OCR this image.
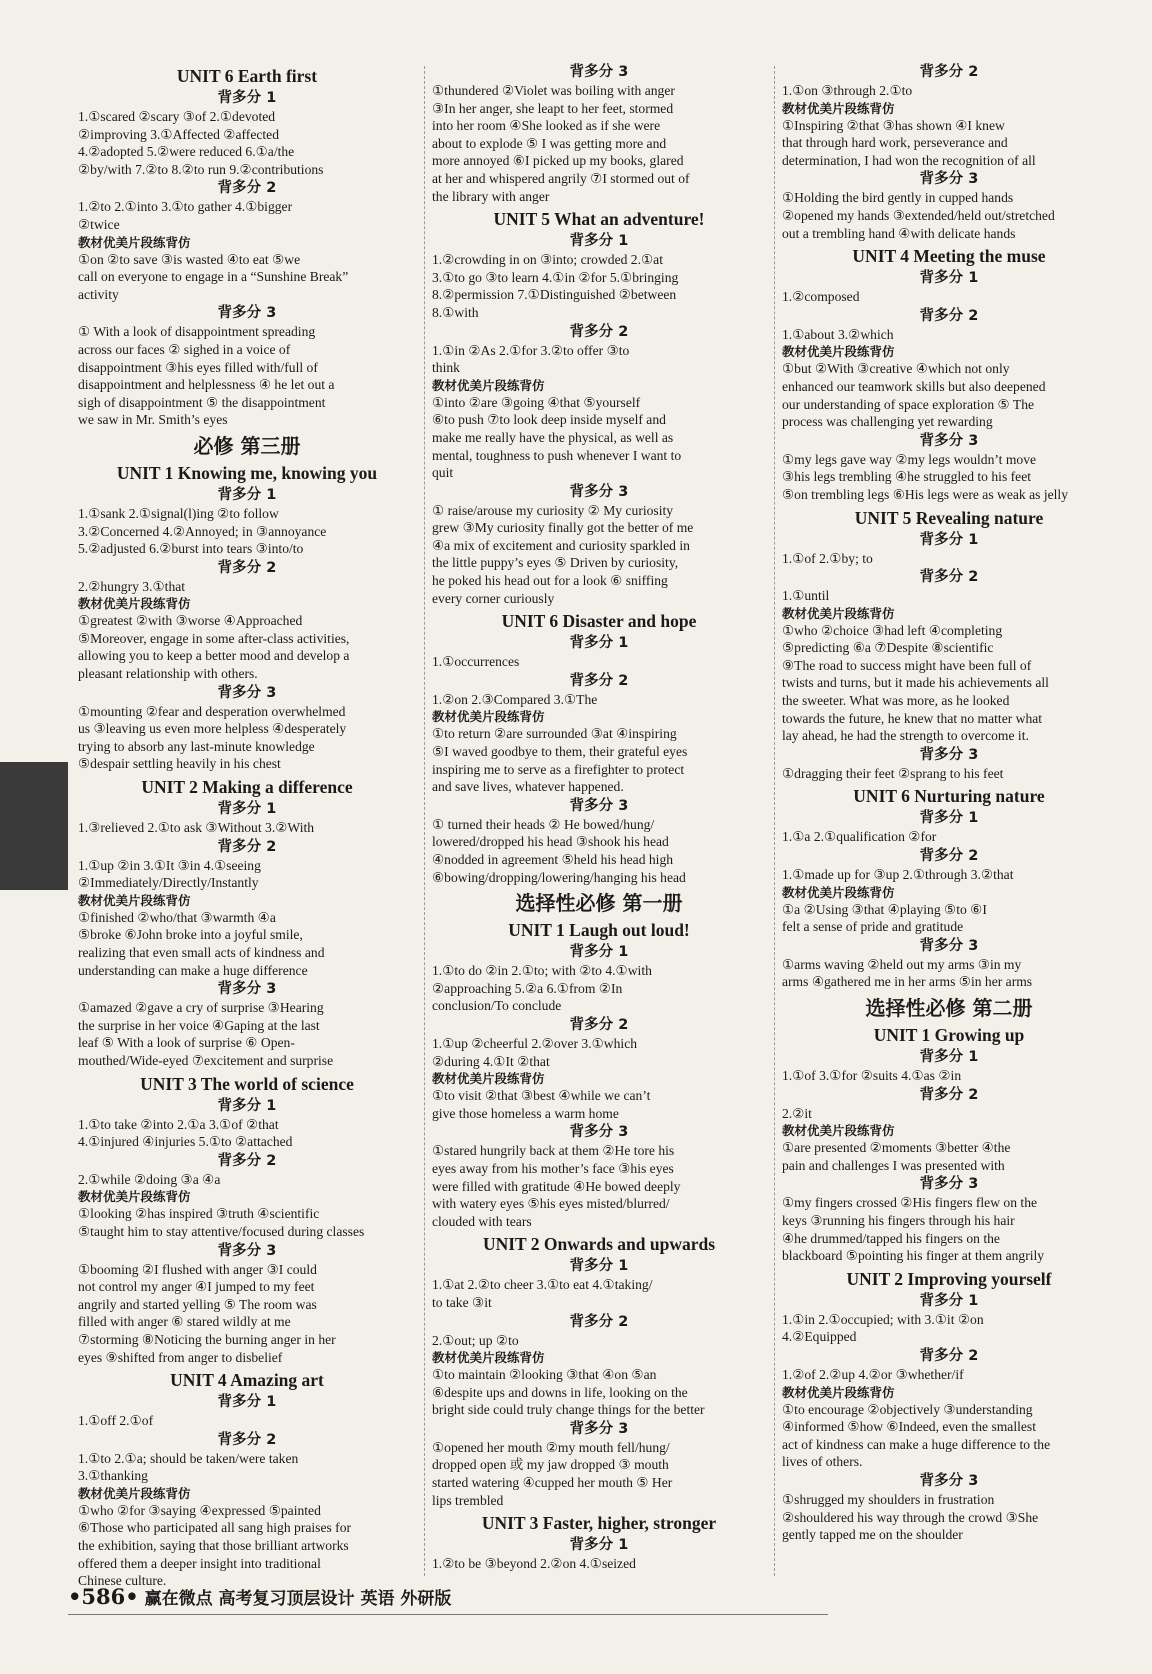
UNIT 6 Earth first
背多分 1
1.①scared ②scary ③of 2.①devoted
②improving 3.①Affected ②affected
4.②adopted 5.②were reduced 6.①a/the
②by/with 7.②to 8.②to run 9.②contributions
背多分 2
1.②to 2.①into 3.①to gather 4.①bigger
②twice
教材优美片段练背仿
①on ②to save ③is wasted ④to eat ⑤we
call on everyone to engage in a “Sunshine Break”
activity
背多分 3
① With a look of disappointment spreading
across our faces ② sighed in a voice of
disappointment ③his eyes filled with/full of
disappointment and helplessness ④ he let out a
sigh of disappointment ⑤ the disappointment
we saw in Mr. Smith’s eyes
必修 第三册
UNIT 1 Knowing me, knowing you
背多分 1
1.①sank 2.①signal(l)ing ②to follow
3.②Concerned 4.②Annoyed; in ③annoyance
5.②adjusted 6.②burst into tears ③into/to
背多分 2
2.②hungry 3.①that
教材优美片段练背仿
①greatest ②with ③worse ④Approached
⑤Moreover, engage in some after-class activities,
allowing you to keep a better mood and develop a
pleasant relationship with others.
背多分 3
①mounting ②fear and desperation overwhelmed
us ③leaving us even more helpless ④desperately
trying to absorb any last-minute knowledge
⑤despair settling heavily in his chest
UNIT 2 Making a difference
背多分 1
1.③relieved 2.①to ask ③Without 3.②With
背多分 2
1.①up ②in 3.①It ③in 4.①seeing
②Immediately/Directly/Instantly
教材优美片段练背仿
①finished ②who/that ③warmth ④a
⑤broke ⑥John broke into a joyful smile,
realizing that even small acts of kindness and
understanding can make a huge difference
背多分 3
①amazed ②gave a cry of surprise ③Hearing
the surprise in her voice ④Gaping at the last
leaf ⑤ With a look of surprise ⑥ Open-
mouthed/Wide-eyed ⑦excitement and surprise
UNIT 3 The world of science
背多分 1
1.①to take ②into 2.①a 3.①of ②that
4.①injured ④injuries 5.①to ②attached
背多分 2
2.①while ②doing ③a ④a
教材优美片段练背仿
①looking ②has inspired ③truth ④scientific
⑤taught him to stay attentive/focused during classes
背多分 3
①booming ②I flushed with anger ③I could
not control my anger ④I jumped to my feet
angrily and started yelling ⑤ The room was
filled with anger ⑥ stared wildly at me
⑦storming ⑧Noticing the burning anger in her
eyes ⑨shifted from anger to disbelief
UNIT 4 Amazing art
背多分 1
1.①off 2.①of
背多分 2
1.①to 2.①a; should be taken/were taken
3.①thanking
教材优美片段练背仿
①who ②for ③saying ④expressed ⑤painted
⑥Those who participated all sang high praises for
the exhibition, saying that those brilliant artworks
offered them a deeper insight into traditional
Chinese culture.
背多分 3
①thundered ②Violet was boiling with anger
③In her anger, she leapt to her feet, stormed
into her room ④She looked as if she were
about to explode ⑤ I was getting more and
more annoyed ⑥I picked up my books, glared
at her and whispered angrily ⑦I stormed out of
the library with anger
UNIT 5 What an adventure!
背多分 1
1.②crowding in on ③into; crowded 2.①at
3.①to go ③to learn 4.①in ②for 5.①bringing
8.②permission 7.①Distinguished ②between
8.①with
背多分 2
1.①in ②As 2.①for 3.②to offer ③to
think
教材优美片段练背仿
①into ②are ③going ④that ⑤yourself
⑥to push ⑦to look deep inside myself and
make me really have the physical, as well as
mental, toughness to push whenever I want to
quit
背多分 3
① raise/arouse my curiosity ② My curiosity
grew ③My curiosity finally got the better of me
④a mix of excitement and curiosity sparkled in
the little puppy’s eyes ⑤ Driven by curiosity,
he poked his head out for a look ⑥ sniffing
every corner curiously
UNIT 6 Disaster and hope
背多分 1
1.①occurrences
背多分 2
1.②on 2.③Compared 3.①The
教材优美片段练背仿
①to return ②are surrounded ③at ④inspiring
⑤I waved goodbye to them, their grateful eyes
inspiring me to serve as a firefighter to protect
and save lives, whatever happened.
背多分 3
① turned their heads ② He bowed/hung/
lowered/dropped his head ③shook his head
④nodded in agreement ⑤held his head high
⑥bowing/dropping/lowering/hanging his head
选择性必修 第一册
UNIT 1 Laugh out loud!
背多分 1
1.①to do ②in 2.①to; with ②to 4.①with
②approaching 5.②a 6.①from ②In
conclusion/To conclude
背多分 2
1.①up ②cheerful 2.②over 3.①which
②during 4.①It ②that
教材优美片段练背仿
①to visit ②that ③best ④while we can’t
give those homeless a warm home
背多分 3
①stared hungrily back at them ②He tore his
eyes away from his mother’s face ③his eyes
were filled with gratitude ④He bowed deeply
with watery eyes ⑤his eyes misted/blurred/
clouded with tears
UNIT 2 Onwards and upwards
背多分 1
1.①at 2.②to cheer 3.①to eat 4.①taking/
to take ③it
背多分 2
2.①out; up ②to
教材优美片段练背仿
①to maintain ②looking ③that ④on ⑤an
⑥despite ups and downs in life, looking on the
bright side could truly change things for the better
背多分 3
①opened her mouth ②my mouth fell/hung/
dropped open 或 my jaw dropped ③ mouth
started watering ④cupped her mouth ⑤ Her
lips trembled
UNIT 3 Faster, higher, stronger
背多分 1
1.②to be ③beyond 2.②on 4.①seized
背多分 2
1.①on ③through 2.①to
教材优美片段练背仿
①Inspiring ②that ③has shown ④I knew
that through hard work, perseverance and
determination, I had won the recognition of all
背多分 3
①Holding the bird gently in cupped hands
②opened my hands ③extended/held out/stretched
out a trembling hand ④with delicate hands
UNIT 4 Meeting the muse
背多分 1
1.②composed
背多分 2
1.①about 3.②which
教材优美片段练背仿
①but ②With ③creative ④which not only
enhanced our teamwork skills but also deepened
our understanding of space exploration ⑤ The
process was challenging yet rewarding
背多分 3
①my legs gave way ②my legs wouldn’t move
③his legs trembling ④he struggled to his feet
⑤on trembling legs ⑥His legs were as weak as jelly
UNIT 5 Revealing nature
背多分 1
1.①of 2.①by; to
背多分 2
1.①until
教材优美片段练背仿
①who ②choice ③had left ④completing
⑤predicting ⑥a ⑦Despite ⑧scientific
⑨The road to success might have been full of
twists and turns, but it made his achievements all
the sweeter. What was more, as he looked
towards the future, he knew that no matter what
lay ahead, he had the strength to overcome it.
背多分 3
①dragging their feet ②sprang to his feet
UNIT 6 Nurturing nature
背多分 1
1.①a 2.①qualification ②for
背多分 2
1.①made up for ③up 2.①through 3.②that
教材优美片段练背仿
①a ②Using ③that ④playing ⑤to ⑥I
felt a sense of pride and gratitude
背多分 3
①arms waving ②held out my arms ③in my
arms ④gathered me in her arms ⑤in her arms
选择性必修 第二册
UNIT 1 Growing up
背多分 1
1.①of 3.①for ②suits 4.①as ②in
背多分 2
2.②it
教材优美片段练背仿
①are presented ②moments ③better ④the
pain and challenges I was presented with
背多分 3
①my fingers crossed ②His fingers flew on the
keys ③running his fingers through his hair
④he drummed/tapped his fingers on the
blackboard ⑤pointing his finger at them angrily
UNIT 2 Improving yourself
背多分 1
1.①in 2.①occupied; with 3.①it ②on
4.②Equipped
背多分 2
1.②of 2.②up 4.②or ③whether/if
教材优美片段练背仿
①to encourage ②objectively ③understanding
④informed ⑤how ⑥Indeed, even the smallest
act of kindness can make a huge difference to the
lives of others.
背多分 3
①shrugged my shoulders in frustration
②shouldered his way through the crowd ③She
gently tapped me on the shoulder
•586• 赢在微点 高考复习顶层设计 英语 外研版
